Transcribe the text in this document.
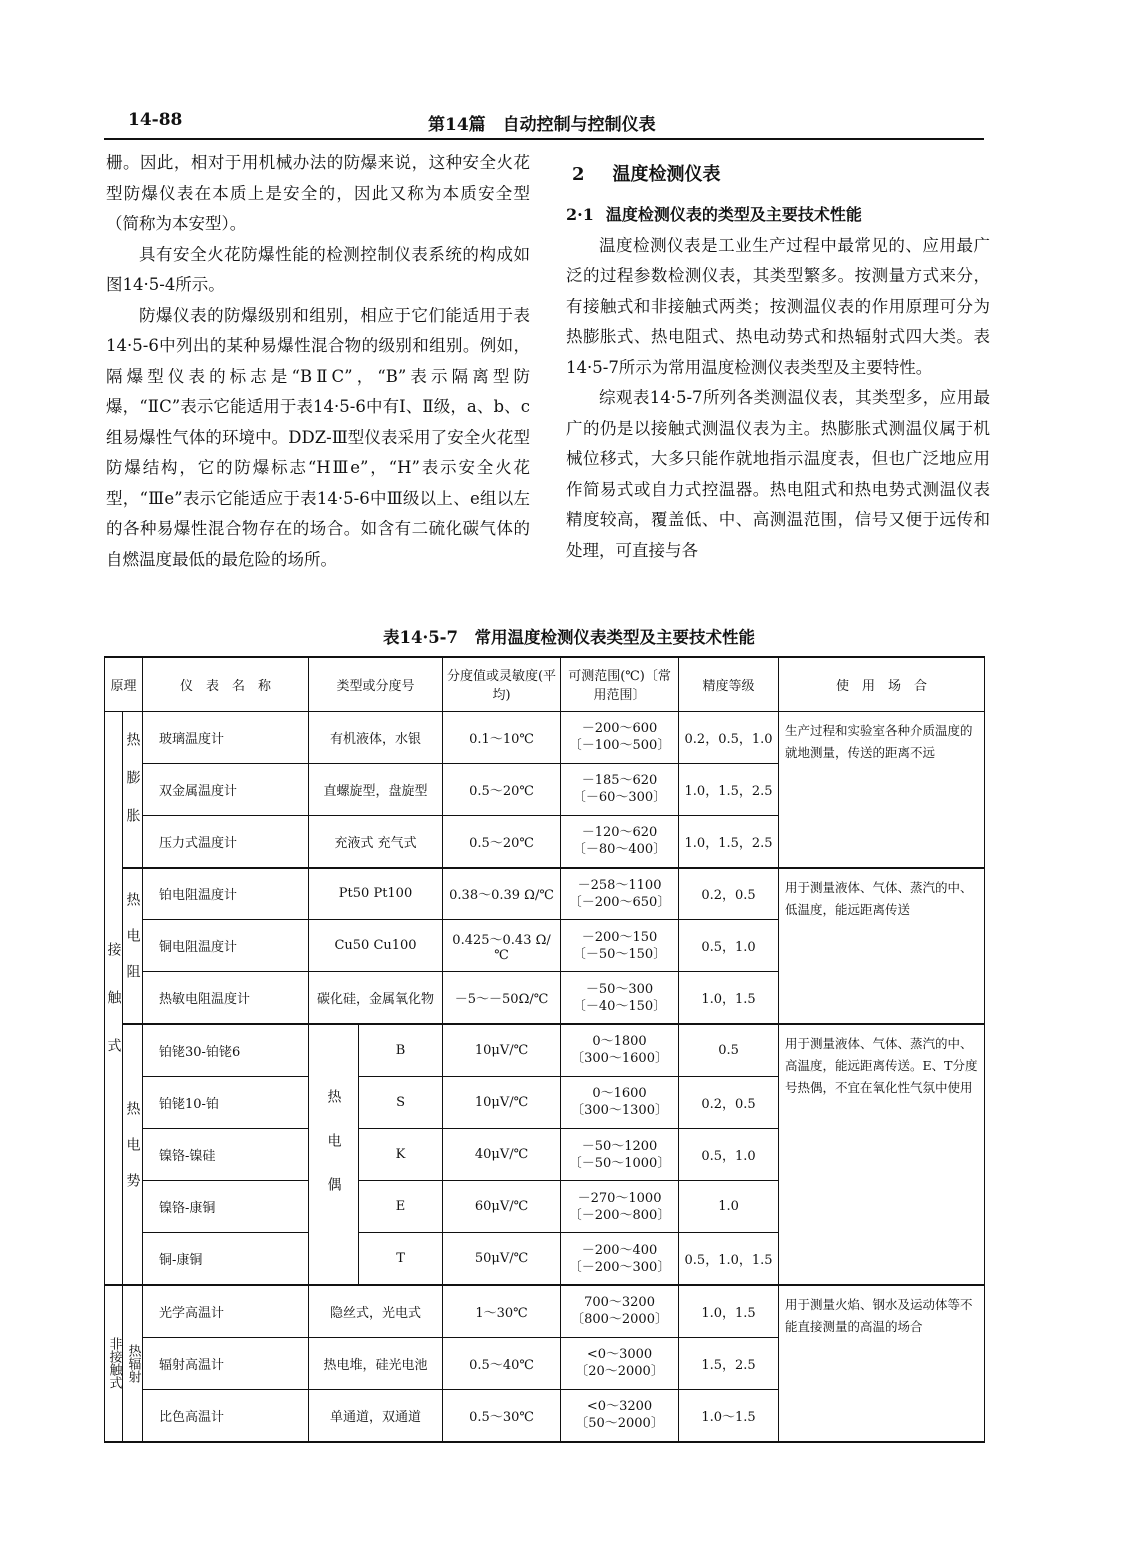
14-88	第14篇　自动控制与控制仪表

栅。因此，相对于用机械办法的防爆来说，这种安全火花型防爆仪表在本质上是安全的，因此又称为本质安全型（简称为本安型）。

具有安全火花防爆性能的检测控制仪表系统的构成如图14·5-4所示。

防爆仪表的防爆级别和组别，相应于它们能适用于表14·5-6中列出的某种易爆性混合物的级别和组别。例如，隔爆型仪表的标志是“BⅡC”，“B”表示隔离型防爆，“ⅡC”表示它能适用于表14·5-6中有Ⅰ、Ⅱ级，a、b、c组易爆性气体的环境中。DDZ-Ⅲ型仪表采用了安全火花型防爆结构，它的防爆标志“HⅢe”，“H”表示安全火花型，“Ⅲe”表示它能适应于表14·5-6中Ⅲ级以上、e组以左的各种易爆性混合物存在的场合。如含有二硫化碳气体的自燃温度最低的最危险的场所。

2 温度检测仪表

2·1 温度检测仪表的类型及主要技术性能

温度检测仪表是工业生产过程中最常见的、应用最广泛的过程参数检测仪表，其类型繁多。按测量方式来分，有接触式和非接触式两类；按测温仪表的作用原理可分为热膨胀式、热电阻式、热电动势式和热辐射式四大类。表14·5-7所示为常用温度检测仪表类型及主要特性。

综观表14·5-7所列各类测温仪表，其类型多，应用最广的仍是以接触式测温仪表为主。热膨胀式测温仪属于机械位移式，大多只能作就地指示温度表，但也广泛地应用作简易式或自力式控温器。热电阻式和热电势式测温仪表精度较高，覆盖低、中、高测温范围，信号又便于远传和处理，可直接与各

表14·5-7　常用温度检测仪表类型及主要技术性能
原理		仪　表　名　称	类型或分度号		分度值或灵敏度(平均)	可测范围(℃)〔常用范围〕	精度等级	使　用　场　合
接　　触　　式	热膨胀	玻璃温度计	有机液体，水银		0.1～10℃	－200～600
〔－100～500〕	0.2，0.5，1.0	生产过程和实验室各种介质温度的就地测量，传送的距离不远
		双金属温度计	直螺旋型，盘旋型		0.5～20℃	－185～620
〔－60～300〕	1.0，1.5，2.5	
		压力式温度计	充液式 充气式		0.5～20℃	－120～620
〔－80～400〕	1.0，1.5，2.5	
	热电阻	铂电阻温度计	Pt50 Pt100		0.38～0.39 Ω/℃	－258～1100
〔－200～650〕	0.2，0.5	用于测量液体、气体、蒸汽的中、低温度，能远距离传送
		铜电阻温度计	Cu50 Cu100		0.425～0.43 Ω/℃	－200～150
〔－50～150〕	0.5，1.0	
		热敏电阻温度计	碳化硅，金属氧化物		－5～－50Ω/℃	－50～300
〔－40～150〕	1.0，1.5	
	热电势	铂铑30-铂铑6	热电偶	B	10μV/℃	0～1800
〔300～1600〕	0.5	用于测量液体、气体、蒸汽的中、高温度，能远距离传送。E、T分度号热偶，不宜在氧化性气氛中使用
		铂铑10-铂		S	10μV/℃	0～1600
〔300～1300〕	0.2，0.5	
		镍铬-镍硅		K	40μV/℃	－50～1200
〔－50～1000〕	0.5，1.0	
		镍铬-康铜		E	60μV/℃	－270～1000
〔－200～800〕	1.0	
		铜-康铜		T	50μV/℃	－200～400
〔－200～300〕	0.5，1.0，1.5	
非接触式	热辐射	光学高温计	隐丝式，光电式		1～30℃	700～3200
〔800～2000〕	1.0，1.5	用于测量火焰、钢水及运动体等不能直接测量的高温的场合
		辐射高温计	热电堆，硅光电池		0.5～40℃	<0～3000
〔20～2000〕	1.5，2.5	
		比色高温计	单通道，双通道		0.5～30℃	<0～3200
〔50～2000〕	1.0～1.5	
